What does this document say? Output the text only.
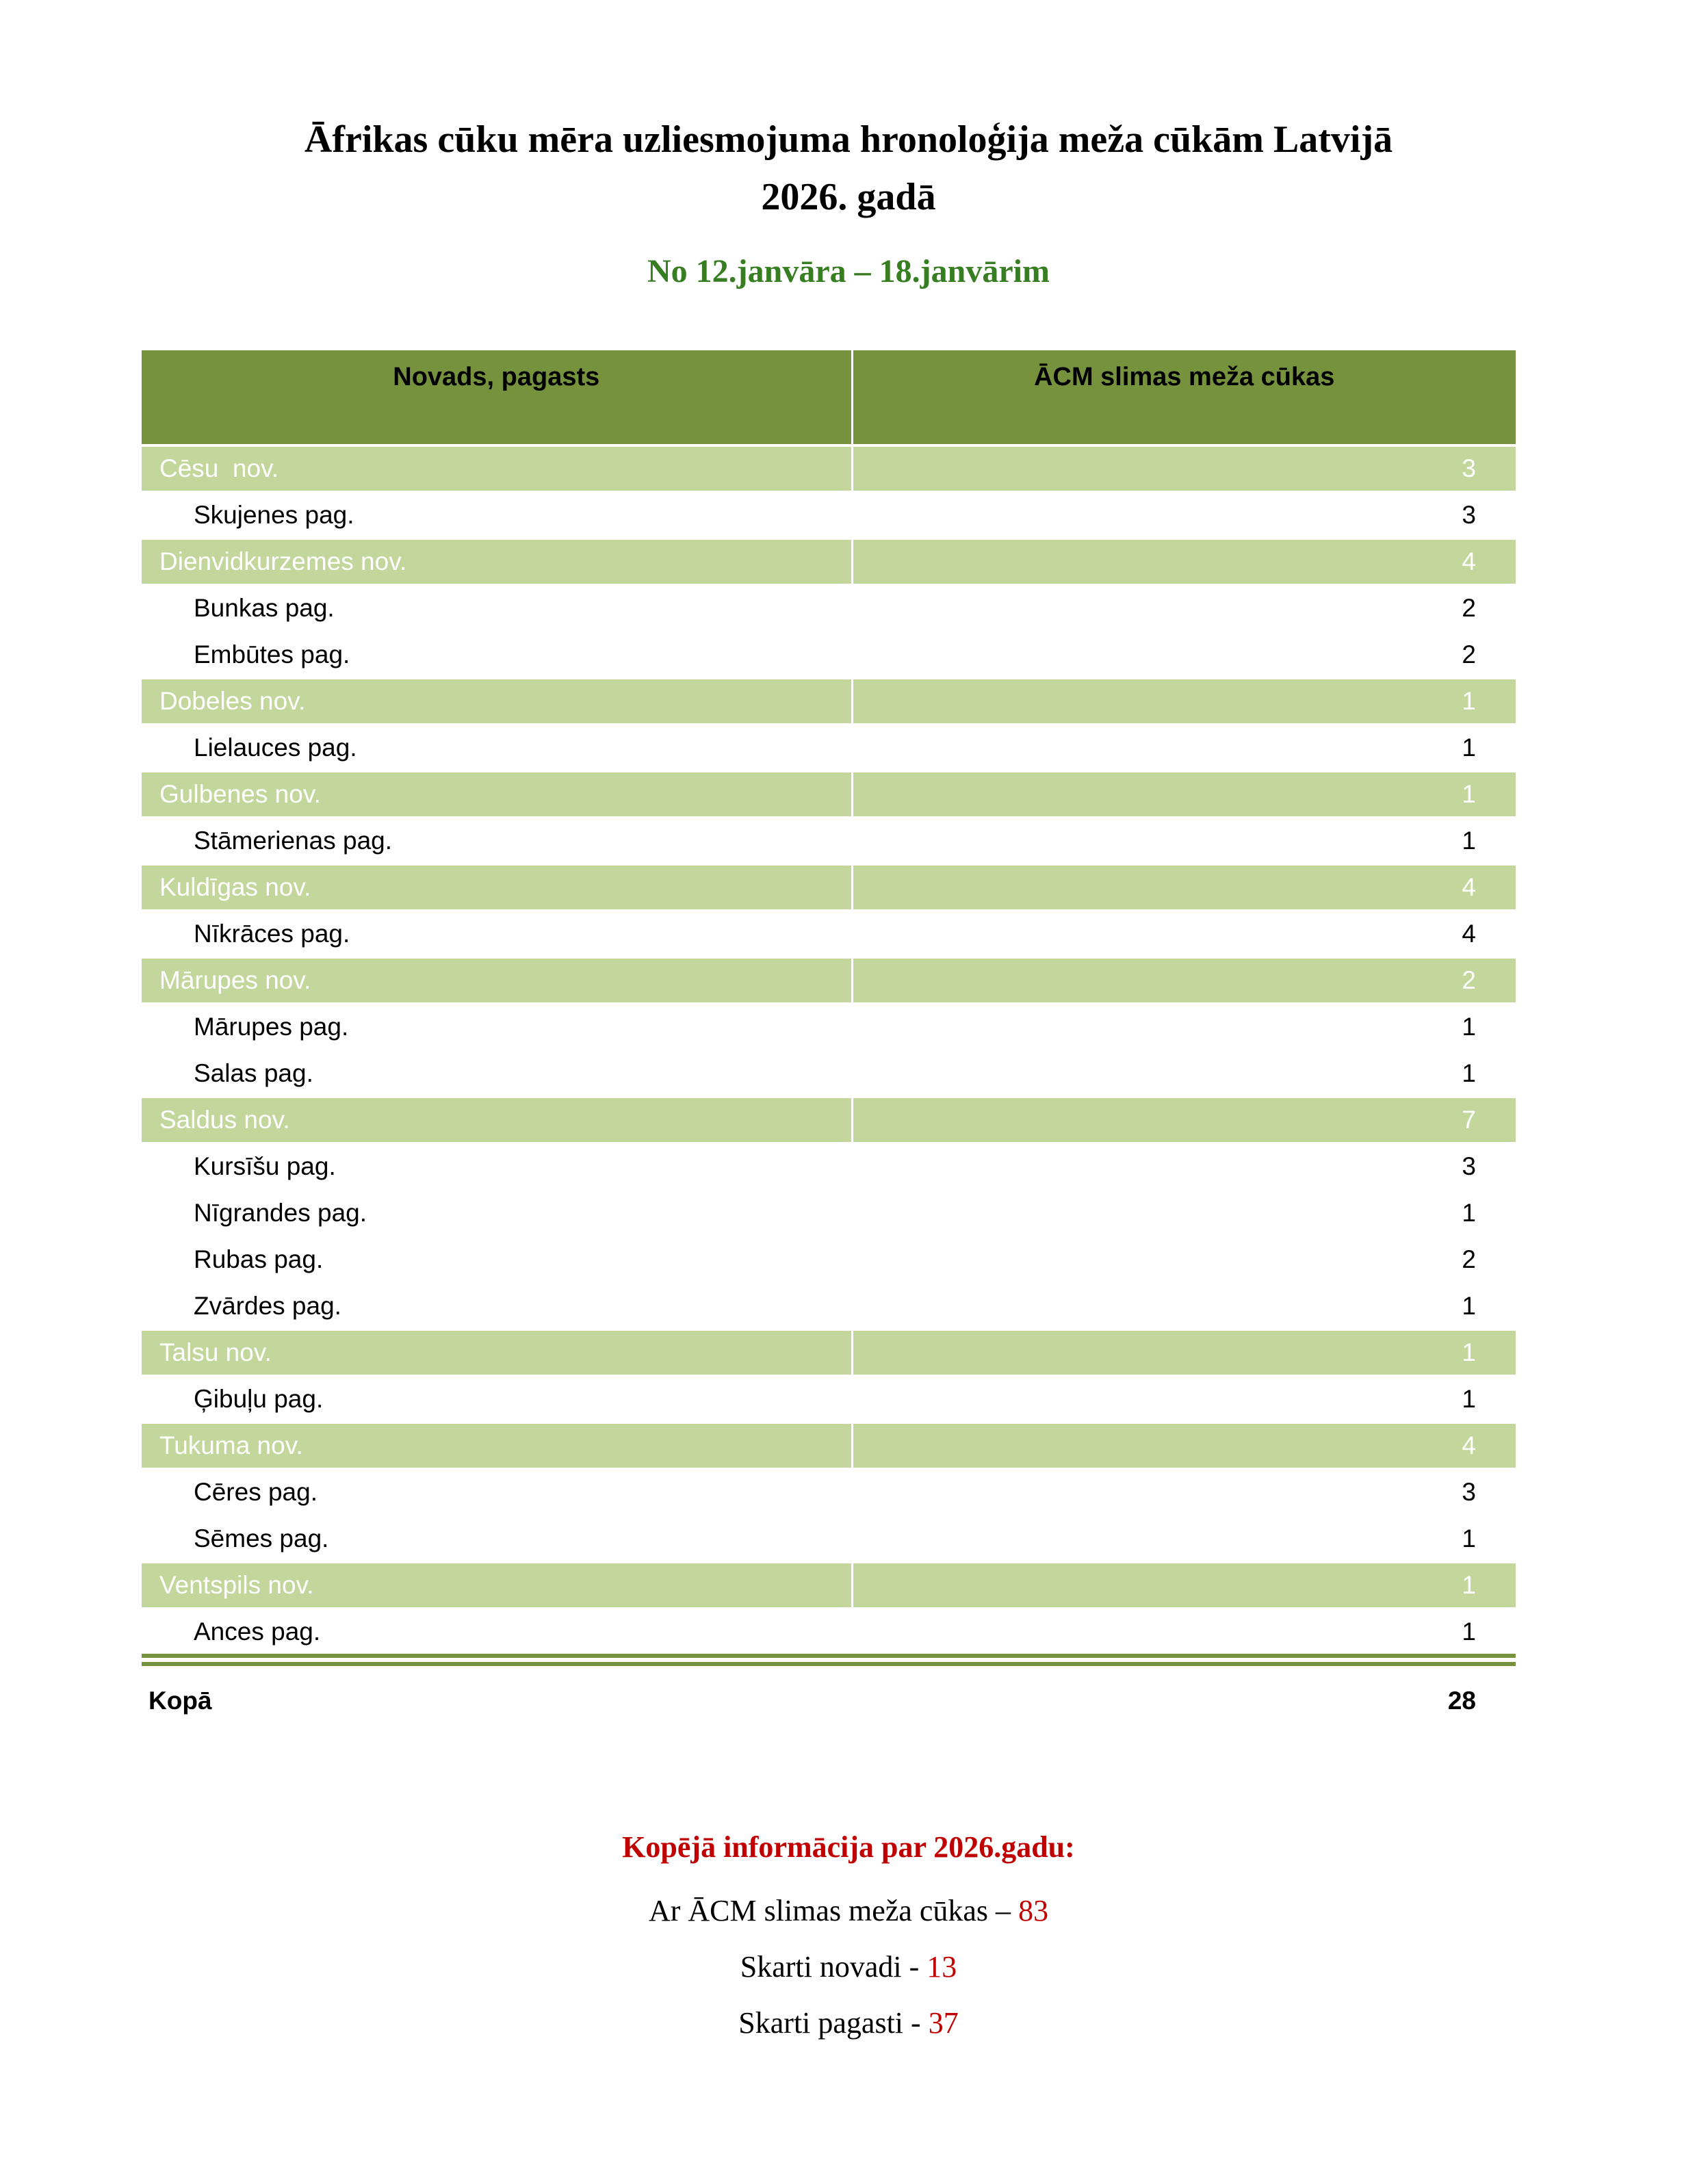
Āfrikas cūku mēra uzliesmojuma hronoloģija meža cūkām Latvijā
2026. gadā
No 12.janvāra – 18.janvārim
Novads, pagasts	ĀCM slimas meža cūkas
Cēsu  nov.	3
Skujenes pag.	3
Dienvidkurzemes nov.	4
Bunkas pag.	2
Embūtes pag.	2
Dobeles nov.	1
Lielauces pag.	1
Gulbenes nov.	1
Stāmerienas pag.	1
Kuldīgas nov.	4
Nīkrāces pag.	4
Mārupes nov.	2
Mārupes pag.	1
Salas pag.	1
Saldus nov.	7
Kursīšu pag.	3
Nīgrandes pag.	1
Rubas pag.	2
Zvārdes pag.	1
Talsu nov.	1
Ģibuļu pag.	1
Tukuma nov.	4
Cēres pag.	3
Sēmes pag.	1
Ventspils nov.	1
Ances pag.	1
Kopā	28
Kopējā informācija par 2026.gadu:
Ar ĀCM slimas meža cūkas – 83
Skarti novadi - 13
Skarti pagasti - 37
